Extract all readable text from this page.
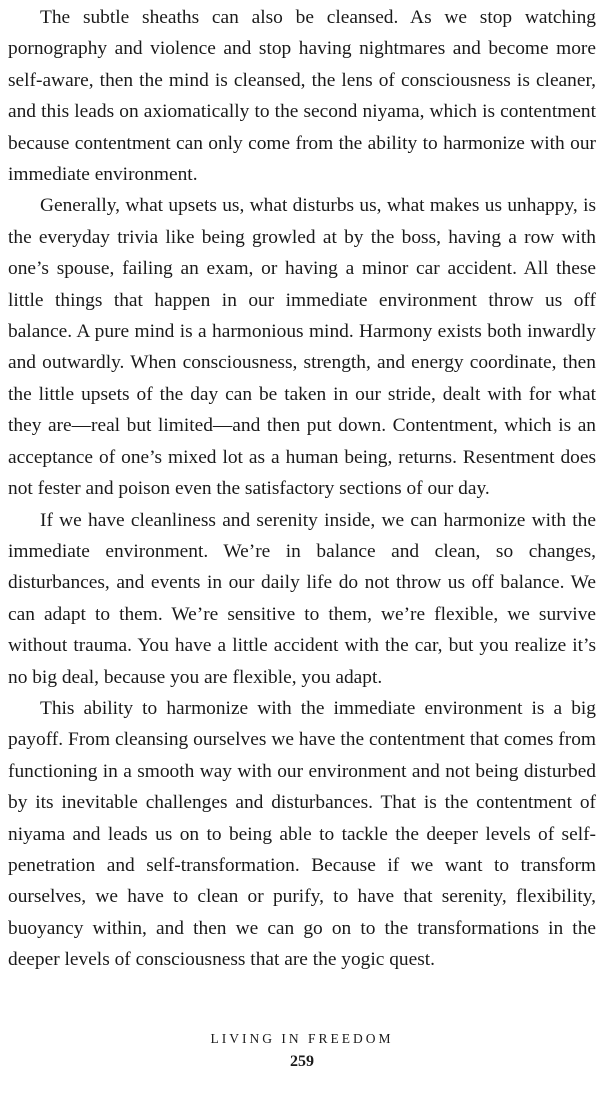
The subtle sheaths can also be cleansed. As we stop watching pornography and violence and stop having nightmares and become more self-aware, then the mind is cleansed, the lens of consciousness is cleaner, and this leads on axiomatically to the second niyama, which is contentment because contentment can only come from the ability to harmonize with our immediate environment.

Generally, what upsets us, what disturbs us, what makes us unhappy, is the everyday trivia like being growled at by the boss, having a row with one’s spouse, failing an exam, or having a minor car accident. All these little things that happen in our immediate environment throw us off balance. A pure mind is a harmonious mind. Harmony exists both inwardly and outwardly. When consciousness, strength, and energy coordinate, then the little upsets of the day can be taken in our stride, dealt with for what they are—real but limited—and then put down. Contentment, which is an acceptance of one’s mixed lot as a human being, returns. Resentment does not fester and poison even the satisfactory sections of our day.

If we have cleanliness and serenity inside, we can harmonize with the immediate environment. We’re in balance and clean, so changes, disturbances, and events in our daily life do not throw us off balance. We can adapt to them. We’re sensitive to them, we’re flexible, we survive without trauma. You have a little accident with the car, but you realize it’s no big deal, because you are flexible, you adapt.

This ability to harmonize with the immediate environment is a big payoff. From cleansing ourselves we have the contentment that comes from functioning in a smooth way with our environment and not being disturbed by its inevitable challenges and disturbances. That is the contentment of niyama and leads us on to being able to tackle the deeper levels of self-penetration and self-transformation. Because if we want to transform ourselves, we have to clean or purify, to have that serenity, flexibility, buoyancy within, and then we can go on to the transformations in the deeper levels of consciousness that are the yogic quest.

LIVING IN FREEDOM
259
